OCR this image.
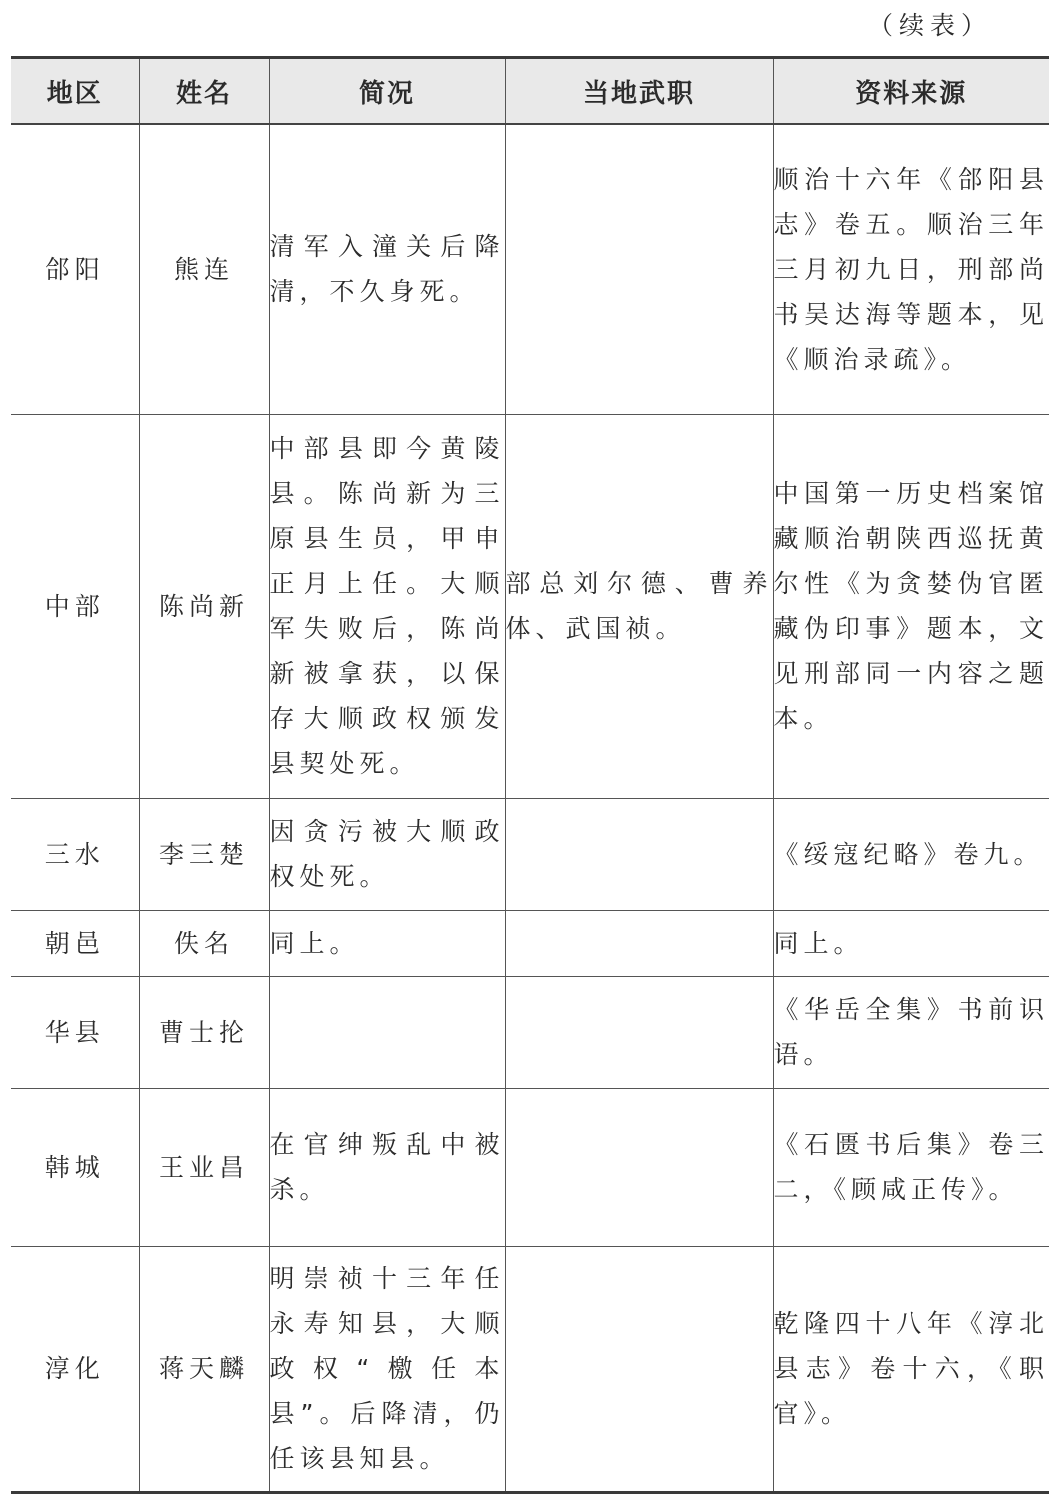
（续表）
地区	姓名	简况	当地武职	资料来源
郃阳	熊连	清军入潼关后降清，不久身死。		顺治十六年《郃阳县志》卷五。顺治三年三月初九日，刑部尚书吴达海等题本，见《顺治录疏》。
中部	陈尚新	中部县即今黄陵县。陈尚新为三原县生员，甲申正月上任。大顺军失败后，陈尚新被拿获，以保存大顺政权颁发县契处死。	部总刘尔德、曹养体、武国祯。	中国第一历史档案馆藏顺治朝陕西巡抚黄尔性《为贪婪伪官匿藏伪印事》题本，文见刑部同一内容之题本。
三水	李三楚	因贪污被大顺政权处死。		《绥寇纪略》卷九。
朝邑	佚名	同上。		同上。
华县	曹士抡			《华岳全集》书前识语。
韩城	王业昌	在官绅叛乱中被杀。		《石匮书后集》卷三二，《顾咸正传》。
淳化	蒋天麟	明崇祯十三年任永寿知县，大顺政权“檄任本县”。后降清，仍任该县知县。		乾隆四十八年《淳北县志》卷十六，《职官》。
